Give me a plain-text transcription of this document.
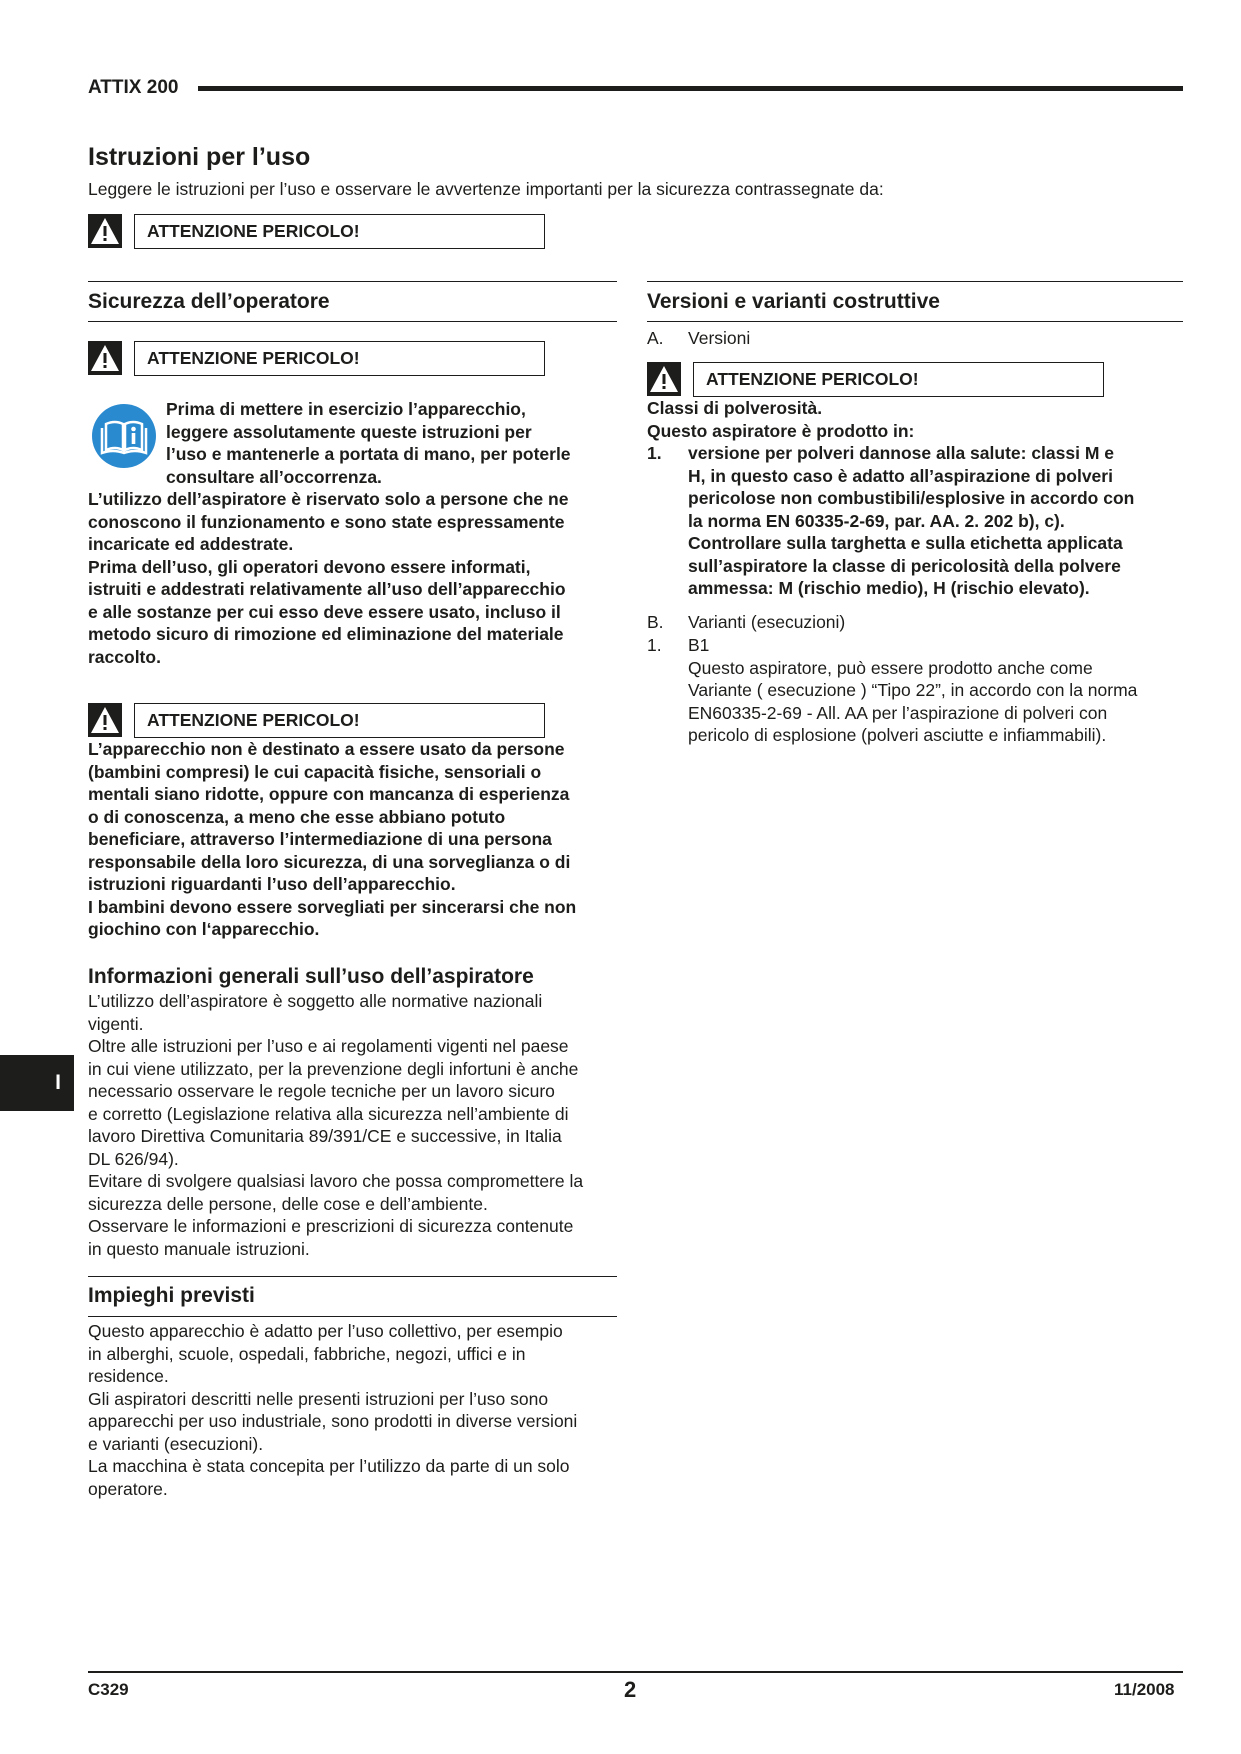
ATTIX 200
Istruzioni per l’uso
Leggere le istruzioni per l’uso e osservare le avvertenze importanti per la sicurezza contrassegnate da:
ATTENZIONE PERICOLO!
Sicurezza dell’operatore
ATTENZIONE PERICOLO!
Prima di mettere in esercizio l’apparecchio,
leggere assolutamente queste istruzioni per
l’uso e mantenerle a portata di mano, per poterle
consultare all’occorrenza.
L’utilizzo dell’aspiratore è riservato solo a persone che ne
conoscono il funzionamento e sono state espressamente
incaricate ed addestrate.
Prima dell’uso, gli operatori devono essere informati,
istruiti e addestrati relativamente all’uso dell’apparecchio
e alle sostanze per cui esso deve essere usato, incluso il
metodo sicuro di rimozione ed eliminazione del materiale
raccolto.
ATTENZIONE PERICOLO!
L’apparecchio non è destinato a essere usato da persone
(bambini compresi) le cui capacità fisiche, sensoriali o
mentali siano ridotte, oppure con mancanza di esperienza
o di conoscenza, a meno che esse abbiano potuto
beneficiare, attraverso l’intermediazione di una persona
responsabile della loro sicurezza, di una sorveglianza o di
istruzioni riguardanti l’uso dell’apparecchio.
I bambini devono essere sorvegliati per sincerarsi che non
giochino con l‘apparecchio.
Informazioni generali sull’uso dell’aspiratore
L’utilizzo dell’aspiratore è soggetto alle normative nazionali
vigenti.
Oltre alle istruzioni per l’uso e ai regolamenti vigenti nel paese
in cui viene utilizzato, per la prevenzione degli infortuni è anche
necessario osservare le regole tecniche per un lavoro sicuro
e corretto (Legislazione relativa alla sicurezza nell’ambiente di
lavoro Direttiva Comunitaria 89/391/CE e successive, in Italia
DL 626/94).
Evitare di svolgere qualsiasi lavoro che possa compromettere la
sicurezza delle persone, delle cose e dell’ambiente.
Osservare le informazioni e prescrizioni di sicurezza contenute
in questo manuale istruzioni.
Impieghi previsti
Questo apparecchio è adatto per l’uso collettivo, per esempio
in alberghi, scuole, ospedali, fabbriche, negozi, uffici e in
residence.
Gli aspiratori descritti nelle presenti istruzioni per l’uso sono
apparecchi per uso industriale, sono prodotti in diverse versioni
e varianti (esecuzioni).
La macchina è stata concepita per l’utilizzo da parte di un solo
operatore.
Versioni e varianti costruttive
A. Versioni
ATTENZIONE PERICOLO!
Classi di polverosità.
Questo aspiratore è prodotto in:
1. versione per polveri dannose alla salute: classi M e
H, in questo caso è adatto all’aspirazione di polveri
pericolose non combustibili/esplosive in accordo con
la norma EN 60335-2-69, par. AA. 2. 202 b), c).
Controllare sulla targhetta e sulla etichetta applicata
sull’aspiratore la classe di pericolosità della polvere
ammessa: M (rischio medio), H (rischio elevato).
B. Varianti (esecuzioni)
1. B1
Questo aspiratore, può essere prodotto anche come
Variante ( esecuzione ) “Tipo 22”, in accordo con la norma
EN60335-2-69 - All. AA per l’aspirazione di polveri con
pericolo di esplosione (polveri asciutte e infiammabili).
I
C329	2	11/2008
